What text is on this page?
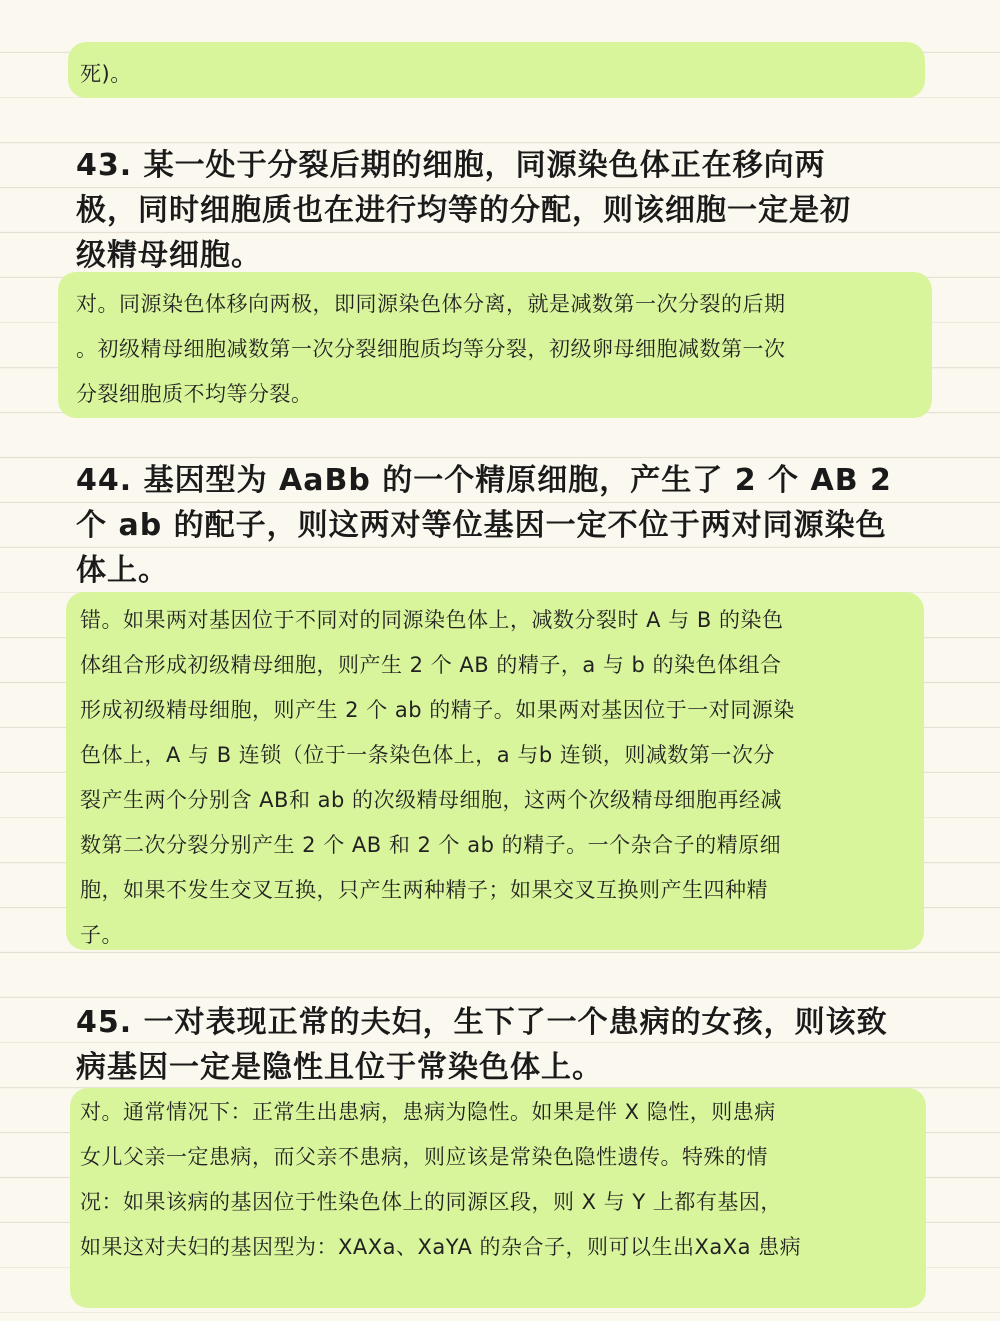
死)。
43. 某一处于分裂后期的细胞，同源染色体正在移向两
极，同时细胞质也在进行均等的分配，则该细胞一定是初
级精母细胞。
对。同源染色体移向两极，即同源染色体分离，就是减数第一次分裂的后期
。初级精母细胞减数第一次分裂细胞质均等分裂，初级卵母细胞减数第一次
分裂细胞质不均等分裂。
44. 基因型为 AaBb 的一个精原细胞，产生了 2 个 AB 2
个 ab 的配子，则这两对等位基因一定不位于两对同源染色
体上。
错。如果两对基因位于不同对的同源染色体上，减数分裂时 A 与 B 的染色
体组合形成初级精母细胞，则产生 2 个 AB 的精子，a 与 b 的染色体组合
形成初级精母细胞，则产生 2 个 ab 的精子。如果两对基因位于一对同源染
色体上，A 与 B 连锁（位于一条染色体上，a 与b 连锁，则减数第一次分
裂产生两个分别含 AB和 ab 的次级精母细胞，这两个次级精母细胞再经减
数第二次分裂分别产生 2 个 AB 和 2 个 ab 的精子。一个杂合子的精原细
胞，如果不发生交叉互换，只产生两种精子；如果交叉互换则产生四种精
子。
45. 一对表现正常的夫妇，生下了一个患病的女孩，则该致
病基因一定是隐性且位于常染色体上。
对。通常情况下：正常生出患病，患病为隐性。如果是伴 X 隐性，则患病
女儿父亲一定患病，而父亲不患病，则应该是常染色隐性遗传。特殊的情
况：如果该病的基因位于性染色体上的同源区段，则 X 与 Y 上都有基因，
如果这对夫妇的基因型为：XAXa、XaYA 的杂合子，则可以生出XaXa 患病
